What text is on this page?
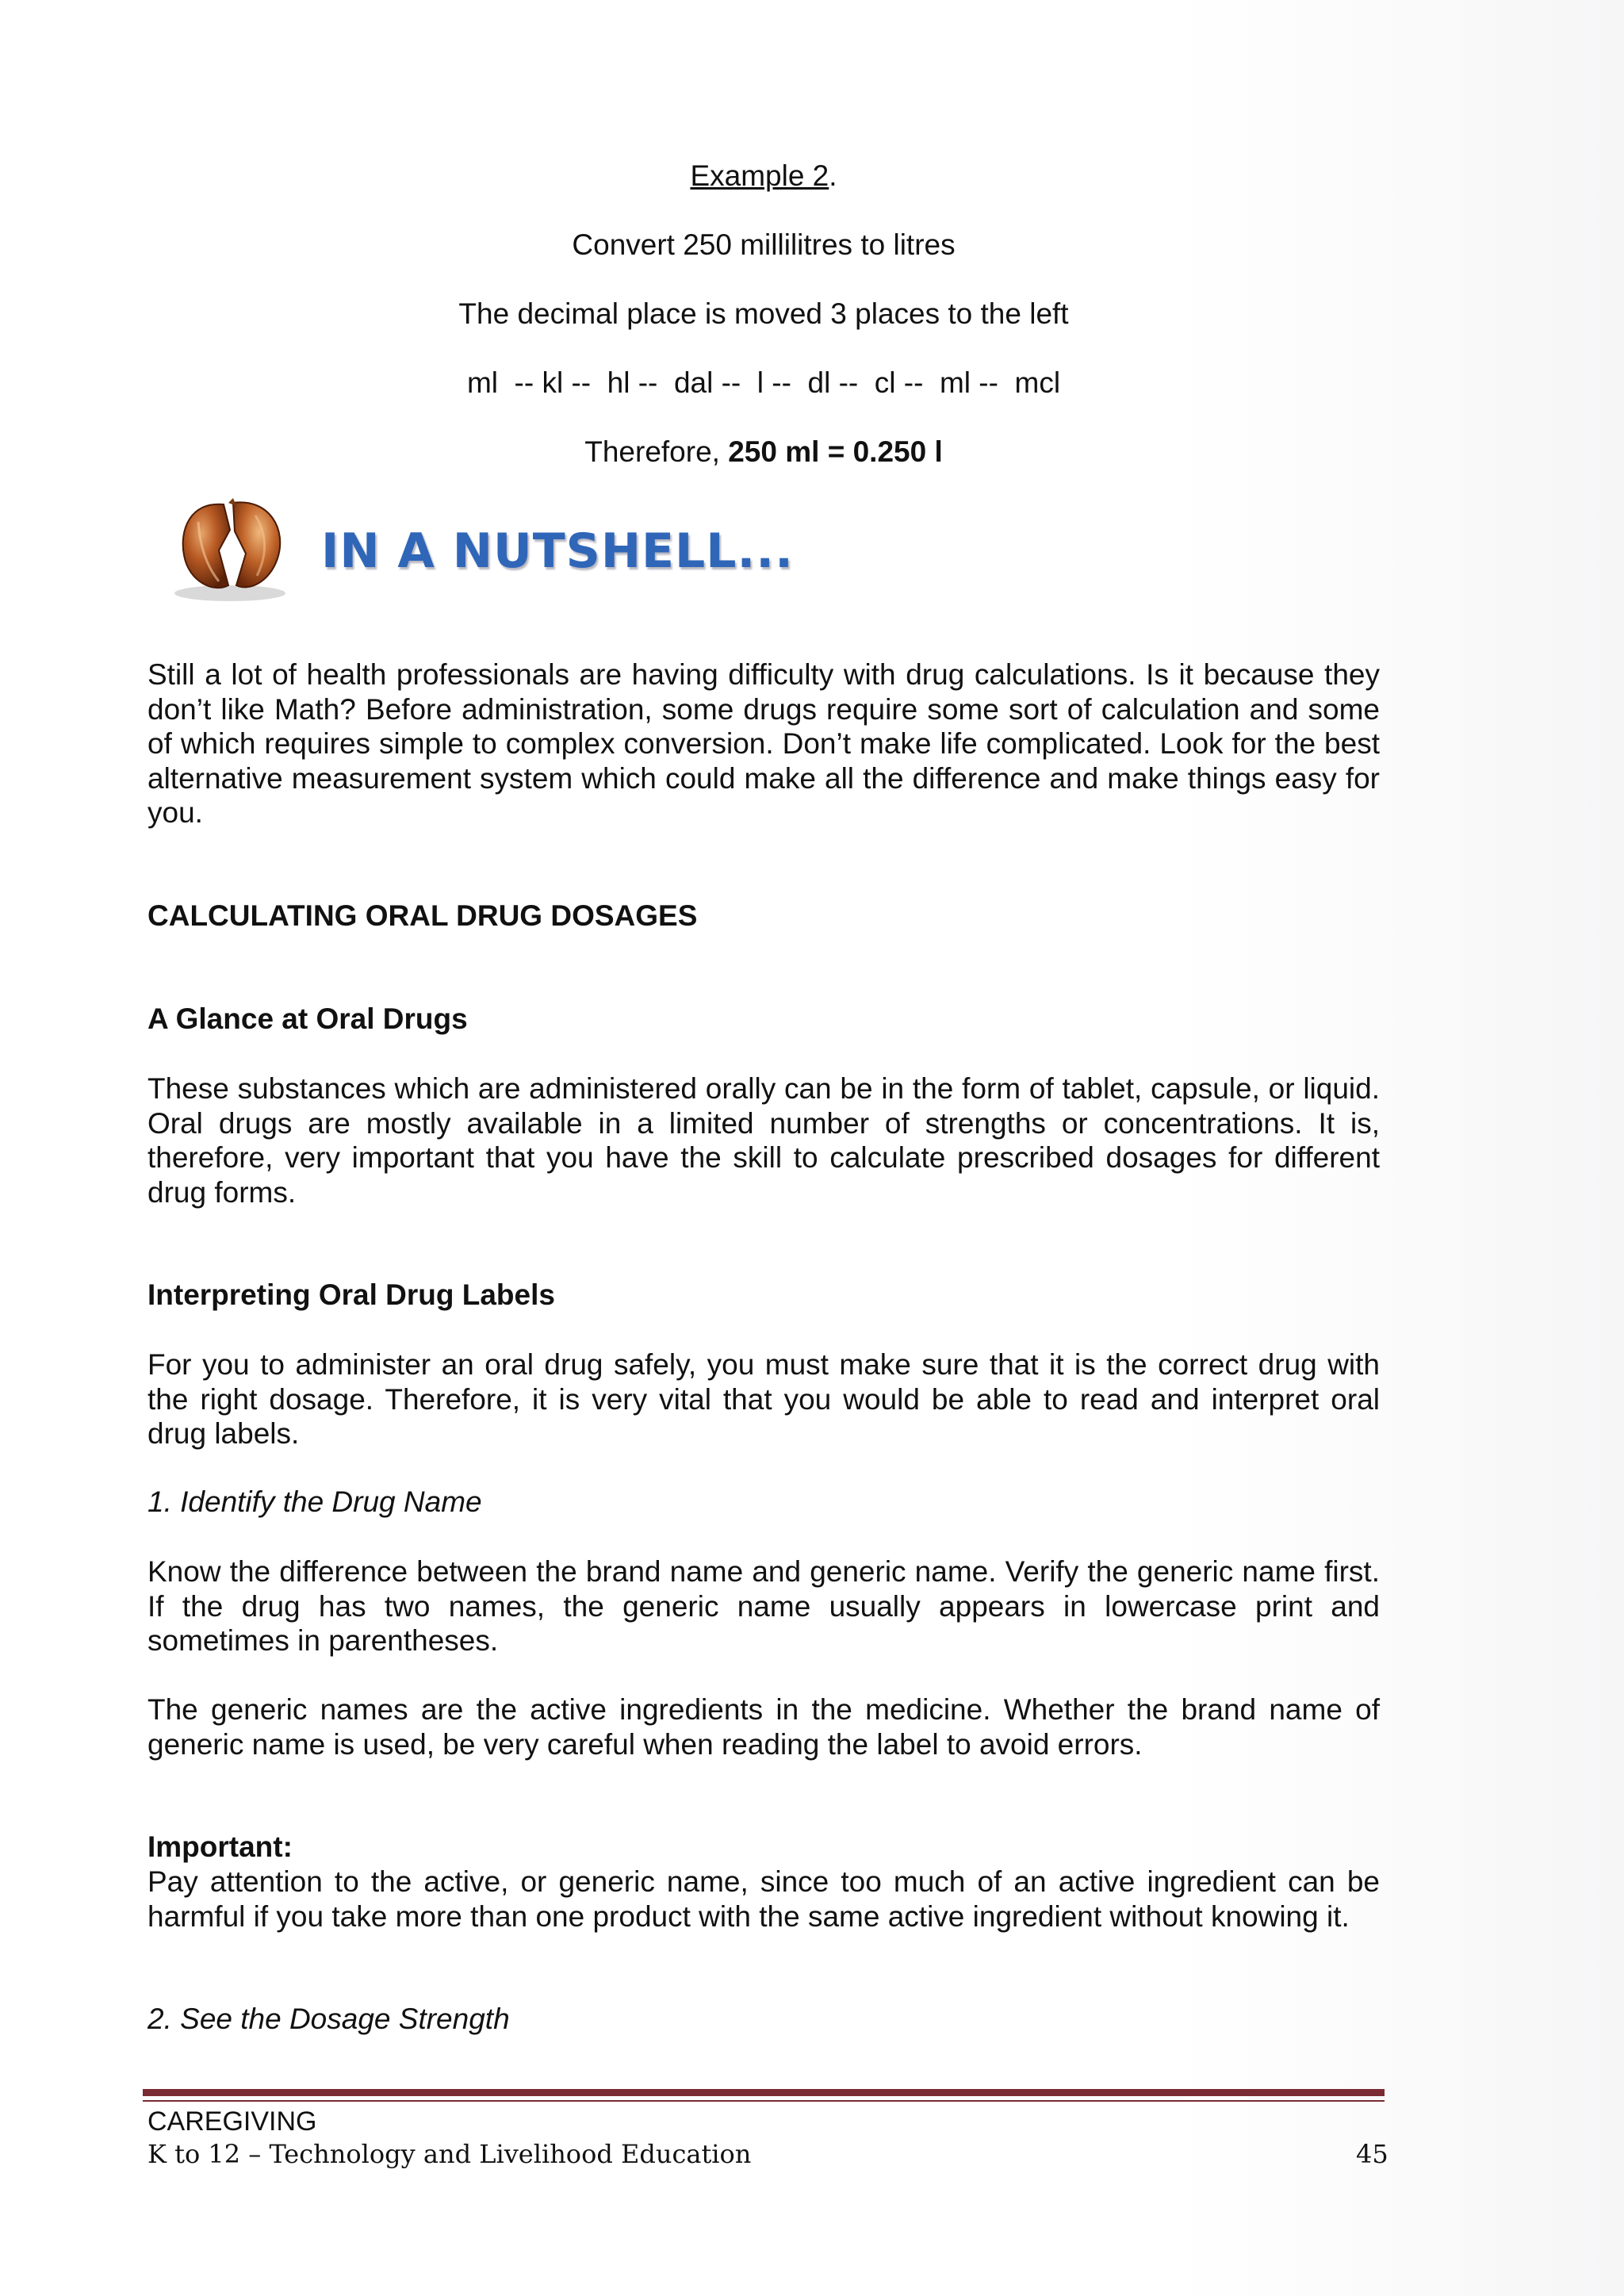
Example 2.
Convert 250 millilitres to litres
The decimal place is moved 3 places to the left
ml  -- kl --  hl --  dal --  l --  dl --  cl --  ml --  mcl
Therefore, 250 ml = 0.250 l
IN A NUTSHELL...

Still a lot of health professionals are having difficulty with drug calculations. Is it because they don’t like Math? Before administration, some drugs require some sort of calculation and some of which requires simple to complex conversion. Don’t make life complicated. Look for the best alternative measurement system which could make all the difference and make things easy for you.

CALCULATING ORAL DRUG DOSAGES

A Glance at Oral Drugs

These substances which are administered orally can be in the form of tablet, capsule, or liquid. Oral drugs are mostly available in a limited number of strengths or concentrations. It is, therefore, very important that you have the skill to calculate prescribed dosages for different drug forms.

Interpreting Oral Drug Labels

For you to administer an oral drug safely, you must make sure that it is the correct drug with the right dosage. Therefore, it is very vital that you would be able to read and interpret oral drug labels.

1. Identify the Drug Name

Know the difference between the brand name and generic name. Verify the generic name first. If the drug has two names, the generic name usually appears in lowercase print and sometimes in parentheses.

The generic names are the active ingredients in the medicine. Whether the brand name of generic name is used, be very careful when reading the label to avoid errors.

Important:

Pay attention to the active, or generic name, since too much of an active ingredient can be harmful if you take more than one product with the same active ingredient without knowing it.

2. See the Dosage Strength

CAREGIVING
K to 12 – Technology and Livelihood Education	45
